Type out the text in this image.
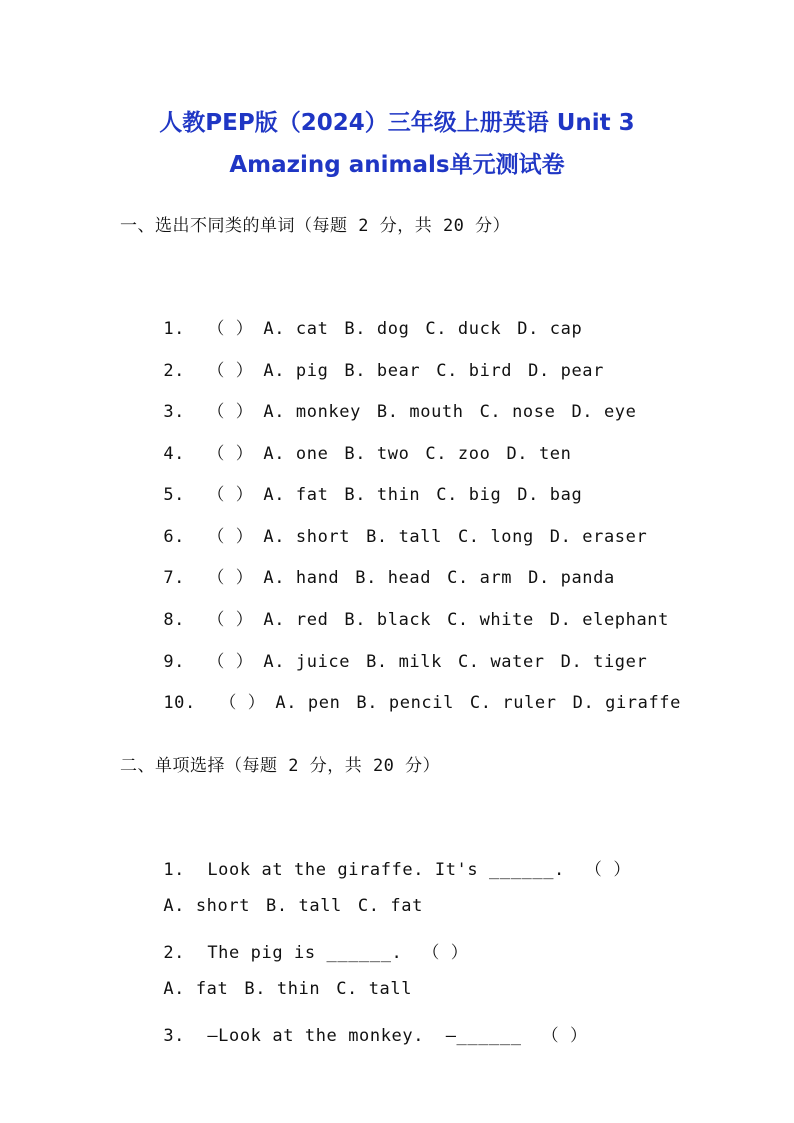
人教PEP版（2024）三年级上册英语 Unit 3
Amazing animals单元测试卷
一、选出不同类的单词（每题 2 分，共 20 分）

1. （ ） A. cat B. dog C. duck D. cap

2. （ ） A. pig B. bear C. bird D. pear

3. （ ） A. monkey B. mouth C. nose D. eye

4. （ ） A. one B. two C. zoo D. ten

5. （ ） A. fat B. thin C. big D. bag

6. （ ） A. short B. tall C. long D. eraser

7. （ ） A. hand B. head C. arm D. panda

8. （ ） A. red B. black C. white D. elephant

9. （ ） A. juice B. milk C. water D. tiger

10. （ ） A. pen B. pencil C. ruler D. giraffe

二、单项选择（每题 2 分，共 20 分）

1. Look at the giraffe. It's ______. （ ）

A. short B. tall C. fat

2. The pig is ______. （ ）

A. fat B. thin C. tall

3. —Look at the monkey.  —______ （ ）
